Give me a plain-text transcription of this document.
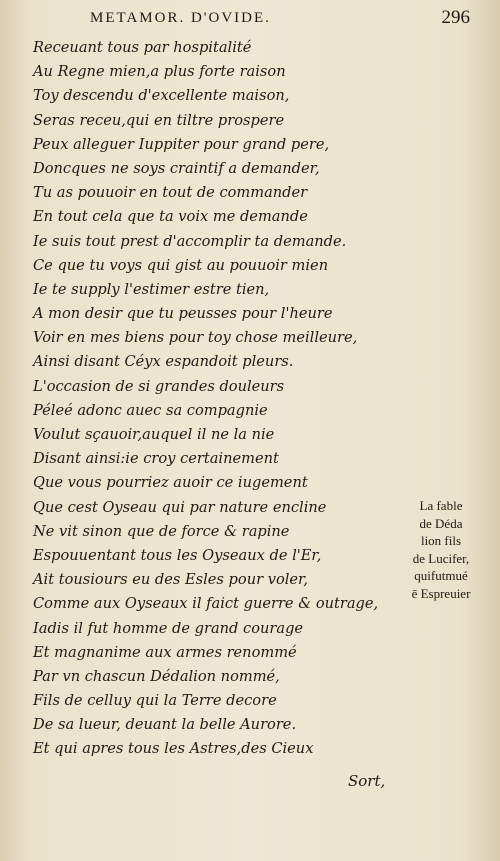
METAMOR. D'OVIDE.	296
Receuant tous par hospitalité
Au Regne mien,a plus forte raison
Toy descendu d'excellente maison,
Seras receu,qui en tiltre prospere
Peux alleguer Iuppiter pour grand pere,
Doncques ne soys craintif a demander,
Tu as pouuoir en tout de commander
En tout cela que ta voix me demande
Ie suis tout prest d'accomplir ta demande.
Ce que tu voys qui gist au pouuoir mien
Ie te supply l'estimer estre tien,
A mon desir que tu peusses pour l'heure
Voir en mes biens pour toy chose meilleure,
Ainsi disant Céyx espandoit pleurs.
L'occasion de si grandes douleurs
Péleé adonc auec sa compagnie
Voulut sçauoir,auquel il ne la nie
Disant ainsi:ie croy certainement
Que vous pourriez auoir ce iugement
Que cest Oyseau qui par nature encline
Ne vit sinon que de force & rapine
Espouuentant tous les Oyseaux de l'Er,
Ait tousiours eu des Esles pour voler,
Comme aux Oyseaux il faict guerre & outrage,
Iadis il fut homme de grand courage
Et magnanime aux armes renommé
Par vn chascun Dédalion nommé,
Fils de celluy qui la Terre decore
De sa lueur, deuant la belle Aurore.
Et qui apres tous les Astres,des Cieux
La fable
de Déda
lion fils
de Lucifer,
quifutmué
ē Espreuier
Sort,
